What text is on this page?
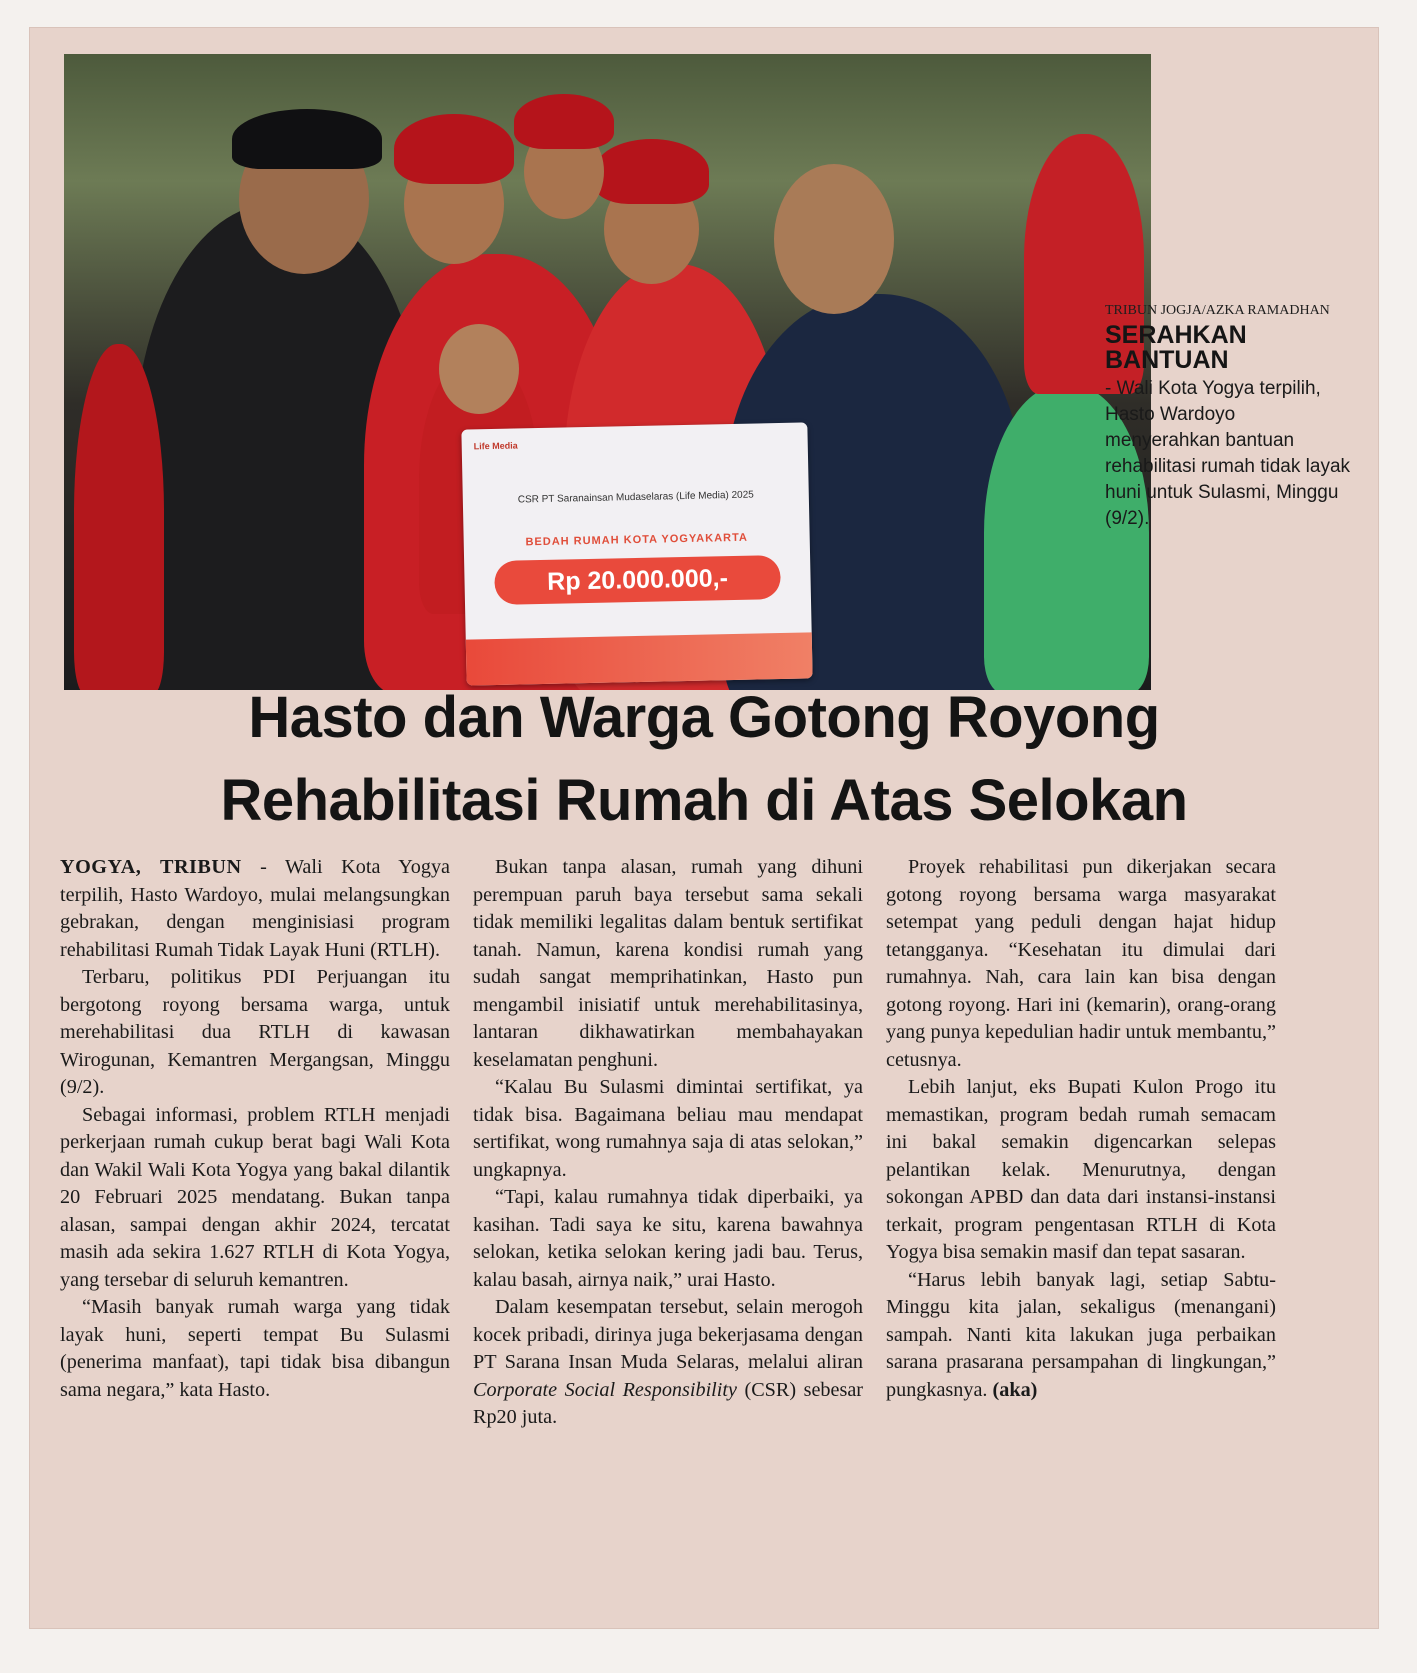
Life Media
CSR PT Saranainsan Mudaselaras (Life Media) 2025
BEDAH RUMAH KOTA YOGYAKARTA
Rp 20.000.000,-
TRIBUN JOGJA/AZKA RAMADHAN
SERAHKAN BANTUAN
- Wali Kota Yogya terpilih, Hasto Wardoyo menyerahkan bantuan rehabilitasi rumah tidak layak huni untuk Sulasmi, Minggu (9/2).
Hasto dan Warga Gotong Royong
Rehabilitasi Rumah di Atas Selokan

YOGYA, TRIBUN - Wali Kota Yogya terpilih, Hasto Wardoyo, mulai melangsungkan gebrakan, dengan menginisiasi program rehabilitasi Rumah Tidak Layak Huni (RTLH).

Terbaru, politikus PDI Perjuangan itu bergotong royong bersama warga, untuk merehabilitasi dua RTLH di kawasan Wirogunan, Kemantren Mergangsan, Minggu (9/2).

Sebagai informasi, problem RTLH menjadi perkerjaan rumah cukup berat bagi Wali Kota dan Wakil Wali Kota Yogya yang bakal dilantik 20 Februari 2025 mendatang. Bukan tanpa alasan, sampai dengan akhir 2024, tercatat masih ada sekira 1.627 RTLH di Kota Yogya, yang tersebar di seluruh kemantren.

“Masih banyak rumah warga yang tidak layak huni, seperti tempat Bu Sulasmi (penerima manfaat), tapi tidak bisa dibangun sama negara,” kata Hasto.

Bukan tanpa alasan, rumah yang dihuni perempuan paruh baya tersebut sama sekali tidak memiliki legalitas dalam bentuk sertifikat tanah. Namun, karena kondisi rumah yang sudah sangat memprihatinkan, Hasto pun mengambil inisiatif untuk merehabilitasinya, lantaran dikhawatirkan membahayakan keselamatan penghuni.

“Kalau Bu Sulasmi dimintai sertifikat, ya tidak bisa. Bagaimana beliau mau mendapat sertifikat, wong rumahnya saja di atas selokan,” ungkapnya.

“Tapi, kalau rumahnya tidak diperbaiki, ya kasihan. Tadi saya ke situ, karena bawahnya selokan, ketika selokan kering jadi bau. Terus, kalau basah, airnya naik,” urai Hasto.

Dalam kesempatan tersebut, selain merogoh kocek pribadi, dirinya juga bekerjasama dengan PT Sarana Insan Muda Selaras, melalui aliran Corporate Social Responsibility (CSR) sebesar Rp20 juta.

Proyek rehabilitasi pun dikerjakan secara gotong royong bersama warga masyarakat setempat yang peduli dengan hajat hidup tetangganya. “Kesehatan itu dimulai dari rumahnya. Nah, cara lain kan bisa dengan gotong royong. Hari ini (kemarin), orang-orang yang punya kepedulian hadir untuk membantu,” cetusnya.

Lebih lanjut, eks Bupati Kulon Progo itu memastikan, program bedah rumah semacam ini bakal semakin digencarkan selepas pelantikan kelak. Menurutnya, dengan sokongan APBD dan data dari instansi-instansi terkait, program pengentasan RTLH di Kota Yogya bisa semakin masif dan tepat sasaran.

“Harus lebih banyak lagi, setiap Sabtu-Minggu kita jalan, sekaligus (menangani) sampah. Nanti kita lakukan juga perbaikan sarana prasarana persampahan di lingkungan,” pungkasnya. (aka)
